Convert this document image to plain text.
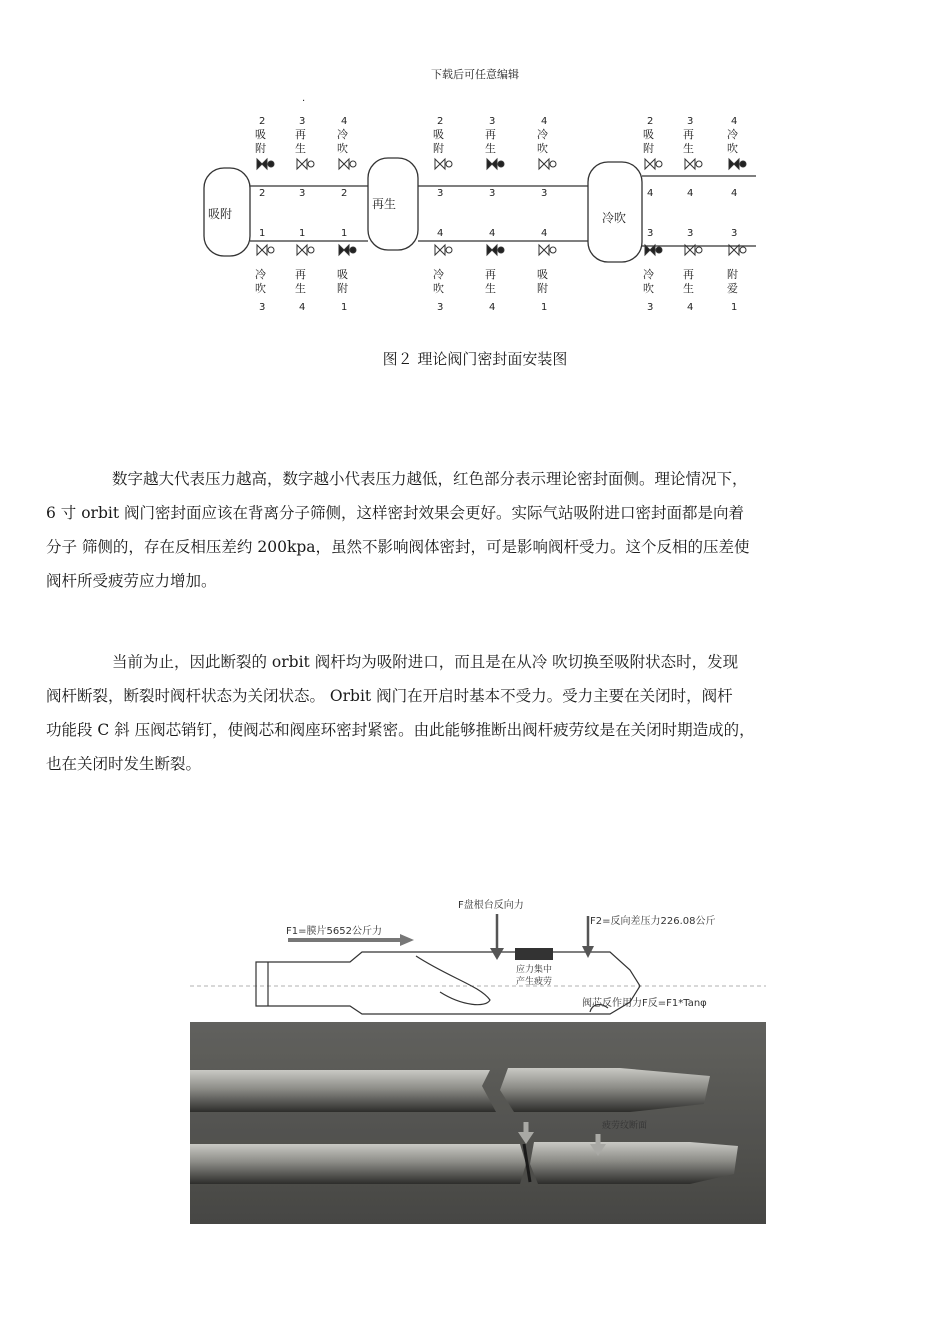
下载后可任意编辑
·
吸附
再生
冷吹
2
吸
附
2
3
再
生
3
4
冷
吹
2
1
冷
吹
3
1
再
生
4
1
吸
附
1
2
吸
附
3
3
再
生
3
4
冷
吹
3
4
冷
吹
3
4
再
生
4
4
吸
附
1
2
吸
附
4
3
再
生
4
4
冷
吹
4
3
冷
吹
3
3
再
生
4
3
附
爱
1
图２ 理论阀门密封面安装图

数字越大代表压力越高，数字越小代表压力越低，红色部分表示理论密封面侧。理论情况下，
6 寸 orbit 阀门密封面应该在背离分子筛侧，这样密封效果会更好。实际气站吸附进口密封面都是向着
分子 筛侧的，存在反相压差约 200kpa，虽然不影响阀体密封，可是影响阀杆受力。这个反相的压差使
阀杆所受疲劳应力增加。

当前为止，因此断裂的 orbit 阀杆均为吸附进口，而且是在从冷 吹切换至吸附状态时，发现
阀杆断裂，断裂时阀杆状态为关闭状态。 Orbit 阀门在开启时基本不受力。受力主要在关闭时，阀杆
功能段 C 斜 压阀芯销钉，使阀芯和阀座环密封紧密。由此能够推断出阀杆疲劳纹是在关闭时期造成的，
也在关闭时发生断裂。

F1=膜片5652公斤力
F盘根台反向力
F2=反向差压力226.08公斤
应力集中
产生疲劳
阀芯反作用力F反=F1*Tanφ
疲劳纹断面
